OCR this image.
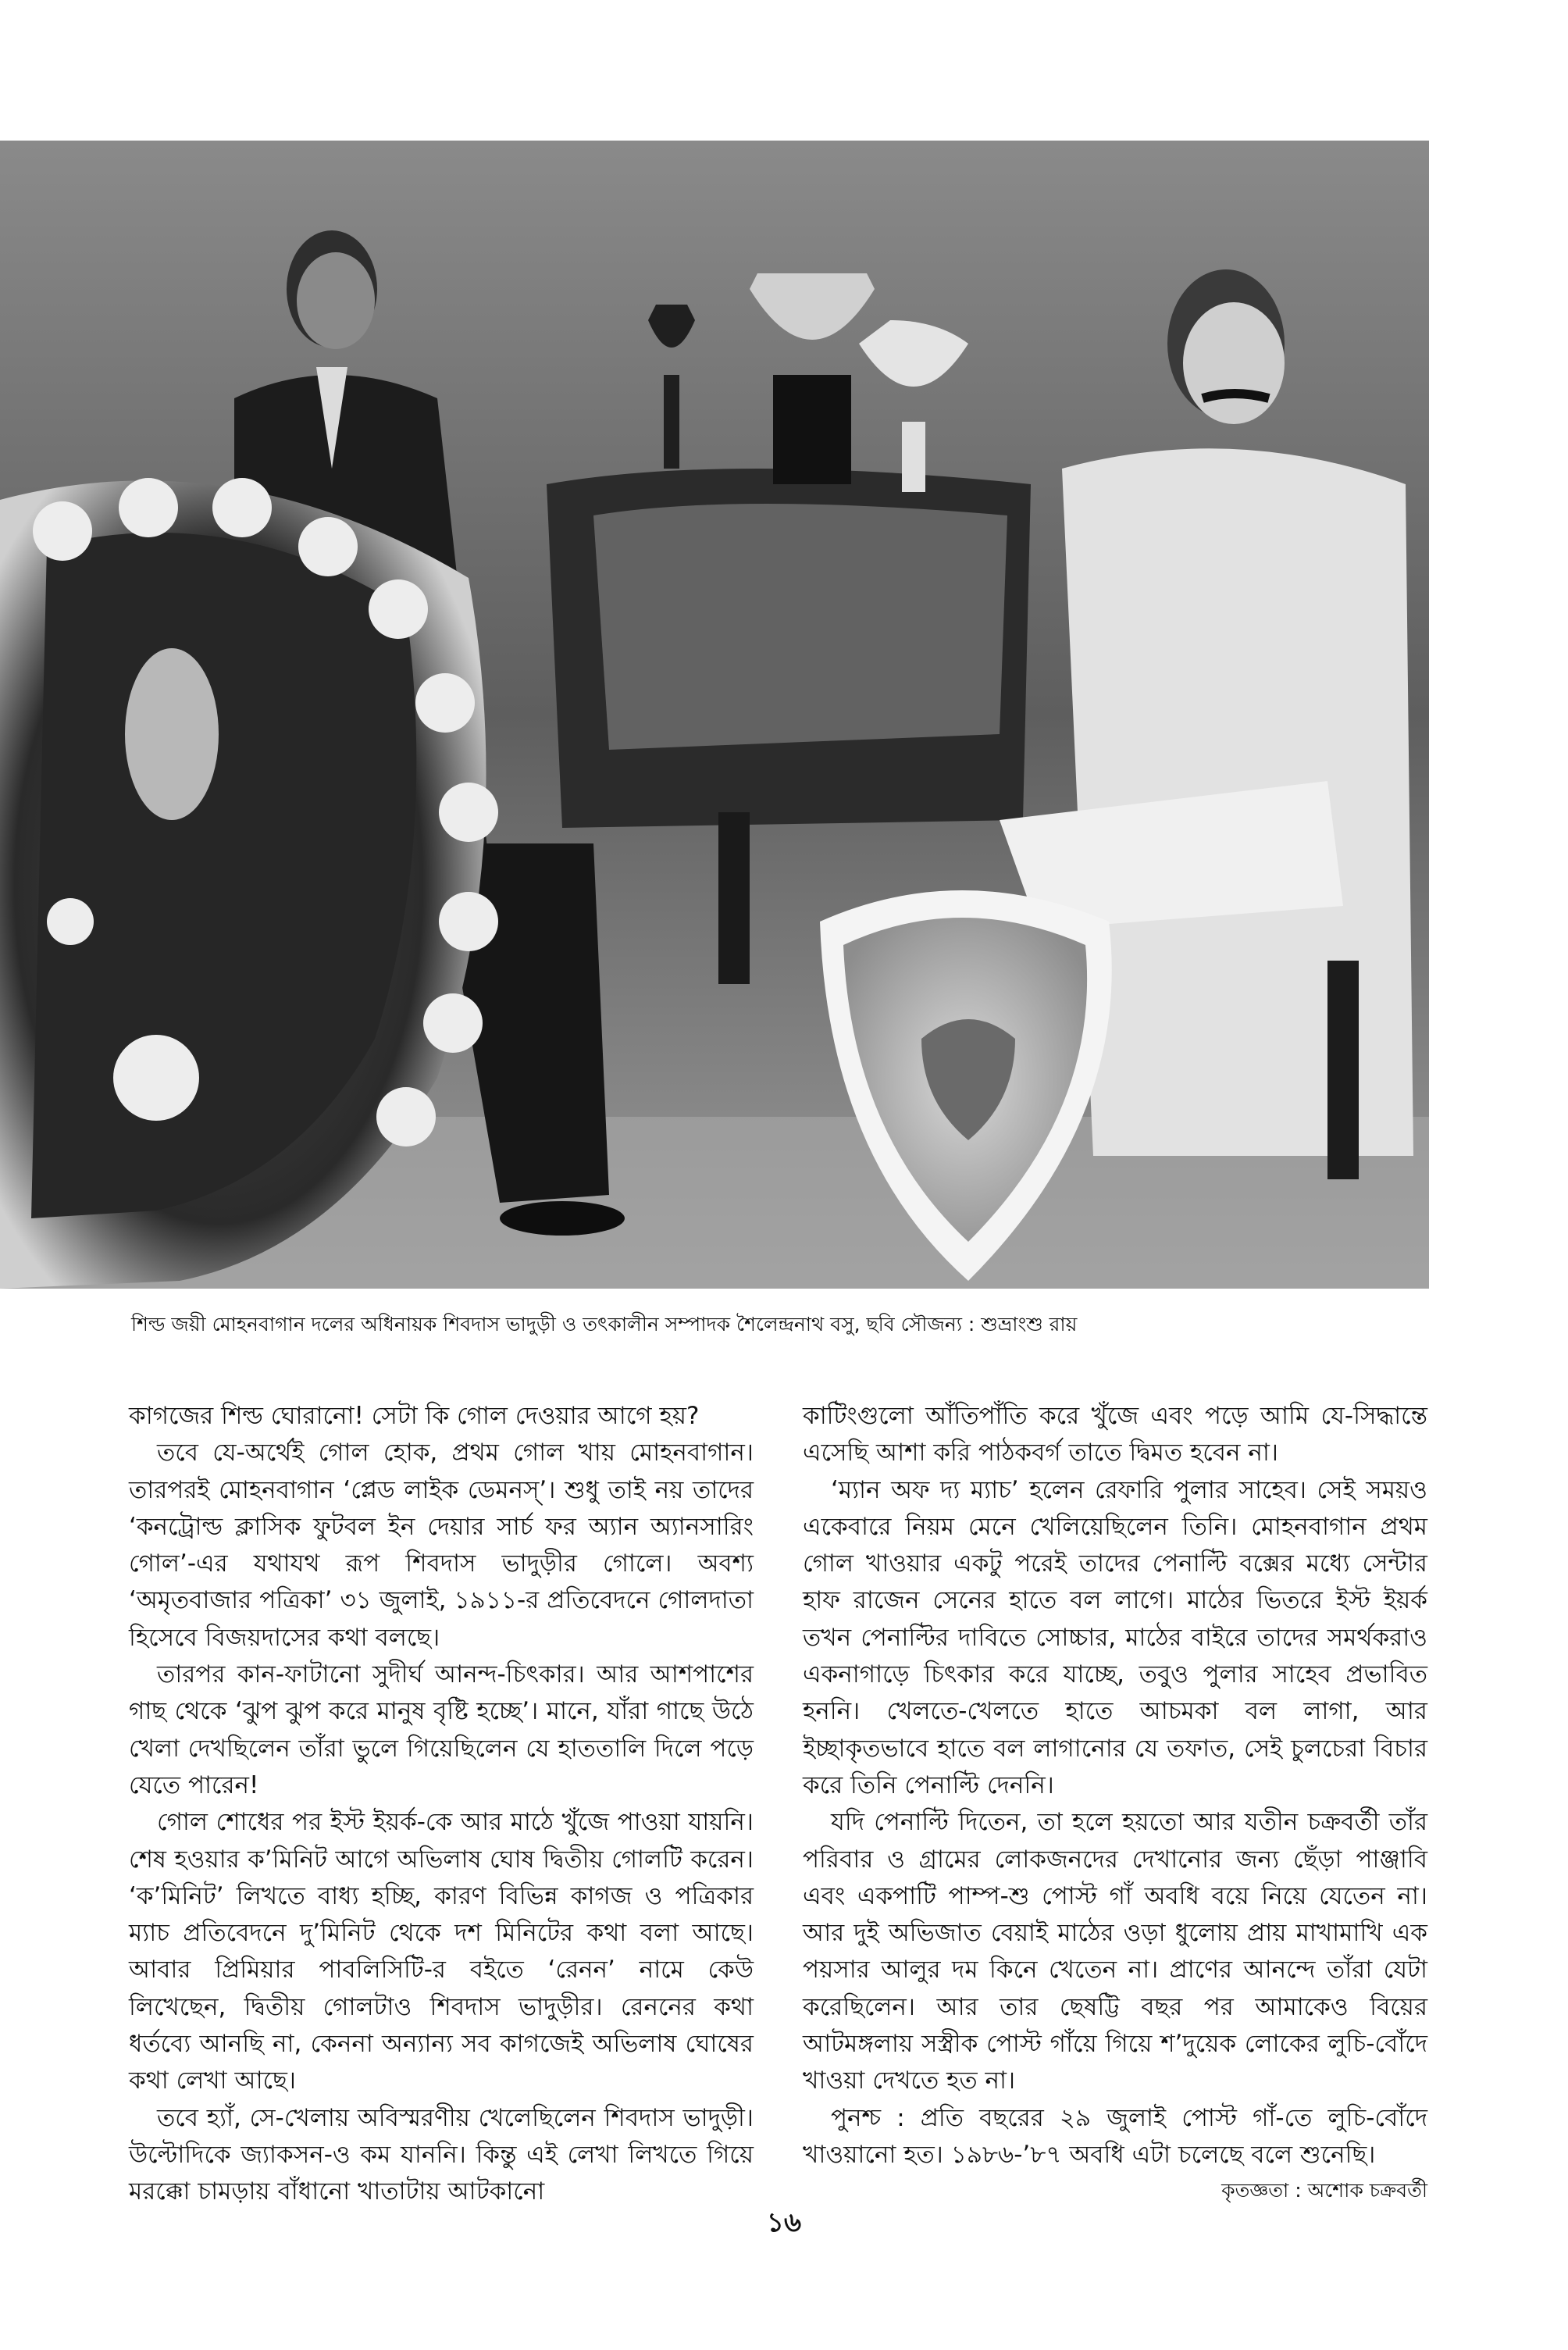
শিল্ড জয়ী মোহনবাগান দলের অধিনায়ক শিবদাস ভাদুড়ী ও তৎকালীন সম্পাদক শৈলেন্দ্রনাথ বসু, ছবি সৌজন্য : শুভ্রাংশু রায়

কাগজের শিল্ড ঘোরানো! সেটা কি গোল দেওয়ার আগে হয়?

তবে যে-অর্থেই গোল হোক, প্রথম গোল খায় মোহনবাগান। তারপরই মোহনবাগান ‘প্লেড লাইক ডেমনস্’। শুধু তাই নয় তাদের ‘কনট্রোল্ড ক্লাসিক ফুটবল ইন দেয়ার সার্চ ফর অ্যান অ্যানসারিং গোল’-এর যথাযথ রূপ শিবদাস ভাদুড়ীর গোলে। অবশ্য ‘অমৃতবাজার পত্রিকা’ ৩১ জুলাই, ১৯১১-র প্রতিবেদনে গোলদাতা হিসেবে বিজয়দাসের কথা বলছে।

তারপর কান-ফাটানো সুদীর্ঘ আনন্দ-চিৎকার। আর আশপাশের গাছ থেকে ‘ঝুপ ঝুপ করে মানুষ বৃষ্টি হচ্ছে’। মানে, যাঁরা গাছে উঠে খেলা দেখছিলেন তাঁরা ভুলে গিয়েছিলেন যে হাততালি দিলে পড়ে যেতে পারেন!

গোল শোধের পর ইস্ট ইয়র্ক-কে আর মাঠে খুঁজে পাওয়া যায়নি। শেষ হওয়ার ক’মিনিট আগে অভিলাষ ঘোষ দ্বিতীয় গোলটি করেন। ‘ক’মিনিট’ লিখতে বাধ্য হচ্ছি, কারণ বিভিন্ন কাগজ ও পত্রিকার ম্যাচ প্রতিবেদনে দু’মিনিট থেকে দশ মিনিটের কথা বলা আছে। আবার প্রিমিয়ার পাবলিসিটি-র বইতে ‘রেনন’ নামে কেউ লিখেছেন, দ্বিতীয় গোলটাও শিবদাস ভাদুড়ীর। রেননের কথা ধর্তব্যে আনছি না, কেননা অন্যান্য সব কাগজেই অভিলাষ ঘোষের কথা লেখা আছে।

তবে হ্যাঁ, সে-খেলায় অবিস্মরণীয় খেলেছিলেন শিবদাস ভাদুড়ী। উল্টোদিকে জ্যাকসন-ও কম যাননি। কিন্তু এই লেখা লিখতে গিয়ে মরক্কো চামড়ায় বাঁধানো খাতাটায় আটকানো

কাটিংগুলো আঁতিপাঁতি করে খুঁজে এবং পড়ে আমি যে-সিদ্ধান্তে এসেছি আশা করি পাঠকবর্গ তাতে দ্বিমত হবেন না।

‘ম্যান অফ দ্য ম্যাচ’ হলেন রেফারি পুলার সাহেব। সেই সময়ও একেবারে নিয়ম মেনে খেলিয়েছিলেন তিনি। মোহনবাগান প্রথম গোল খাওয়ার একটু পরেই তাদের পেনাল্টি বক্সের মধ্যে সেন্টার হাফ রাজেন সেনের হাতে বল লাগে। মাঠের ভিতরে ইস্ট ইয়র্ক তখন পেনাল্টির দাবিতে সোচ্চার, মাঠের বাইরে তাদের সমর্থকরাও একনাগাড়ে চিৎকার করে যাচ্ছে, তবুও পুলার সাহেব প্রভাবিত হননি। খেলতে-খেলতে হাতে আচমকা বল লাগা, আর ইচ্ছাকৃতভাবে হাতে বল লাগানোর যে তফাত, সেই চুলচেরা বিচার করে তিনি পেনাল্টি দেননি।

যদি পেনাল্টি দিতেন, তা হলে হয়তো আর যতীন চক্রবর্তী তাঁর পরিবার ও গ্রামের লোকজনদের দেখানোর জন্য ছেঁড়া পাঞ্জাবি এবং একপাটি পাম্প-শু পোস্ট গাঁ অবধি বয়ে নিয়ে যেতেন না। আর দুই অভিজাত বেয়াই মাঠের ওড়া ধুলোয় প্রায় মাখামাখি এক পয়সার আলুর দম কিনে খেতেন না। প্রাণের আনন্দে তাঁরা যেটা করেছিলেন। আর তার ছেষট্টি বছর পর আমাকেও বিয়ের আটমঙ্গলায় সস্ত্রীক পোস্ট গাঁয়ে গিয়ে শ’দুয়েক লোকের লুচি-বোঁদে খাওয়া দেখতে হত না।

পুনশ্চ : প্রতি বছরের ২৯ জুলাই পোস্ট গাঁ-তে লুচি-বোঁদে খাওয়ানো হত। ১৯৮৬-’৮৭ অবধি এটা চলেছে বলে শুনেছি।

কৃতজ্ঞতা : অশোক চক্রবর্তী

১৬
